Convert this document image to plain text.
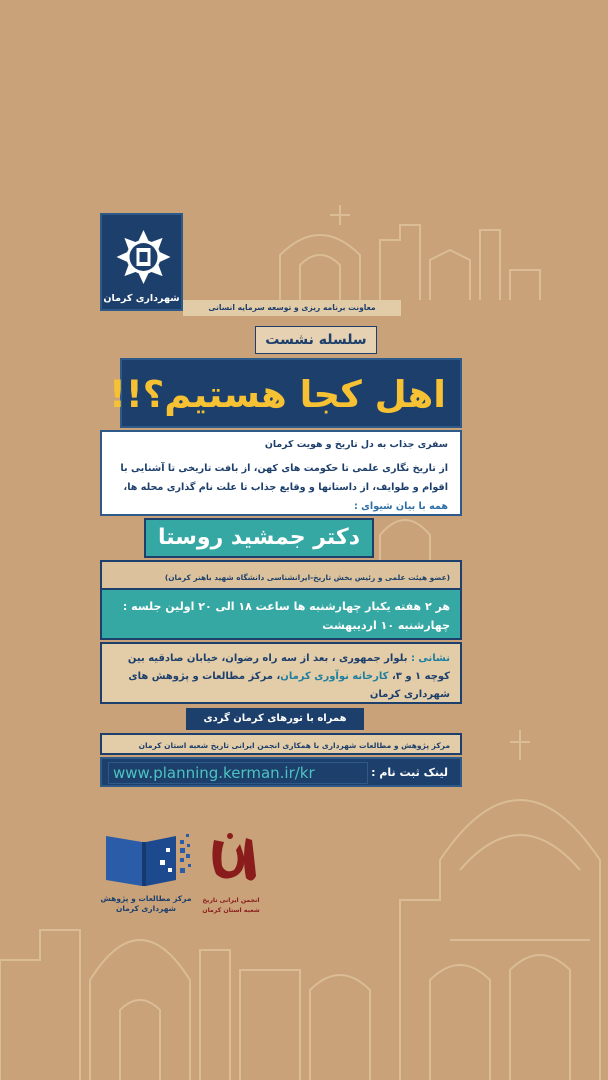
شهرداری کرمان
معاونت برنامه ریزی و توسعه سرمایه انسانی
سلسله نشست
اهل کجا هستیم؟!!
سفری جذاب به دل تاریخ و هویت کرمان
از تاریخ نگاری علمی تا حکومت های کهن، از بافت تاریخی تا آشنایی با اقوام و طوایف، از داستانها و وقایع جذاب تا علت نام گذاری محله ها، همه با بیان شیوای :
دکتر جمشید روستا
(عضو هیئت علمی و رئیس بخش تاریخ-ایرانشناسی دانشگاه شهید باهنر کرمان)
هر ۲ هفته یکبار چهارشنبه ها ساعت ۱۸ الی ۲۰ اولین جلسه :
چهارشنبه ۱۰ اردیبهشت
نشانی : بلوار جمهوری ، بعد از سه راه رضوان، خیابان صادقیه بین کوچه ۱ و ۳، کارخانه نوآوری کرمان، مرکز مطالعات و پژوهش های شهرداری کرمان
همراه با تورهای کرمان گردی
مرکز پژوهش و مطالعات شهرداری با همکاری انجمن ایرانی تاریخ شعبه استان کرمان
لینک ثبت نام :
www.planning.kerman.ir/kr
مرکز مطالعات و پژوهش
شهرداری کرمان
انجمن ایرانی تاریخ
شعبه استان کرمان
